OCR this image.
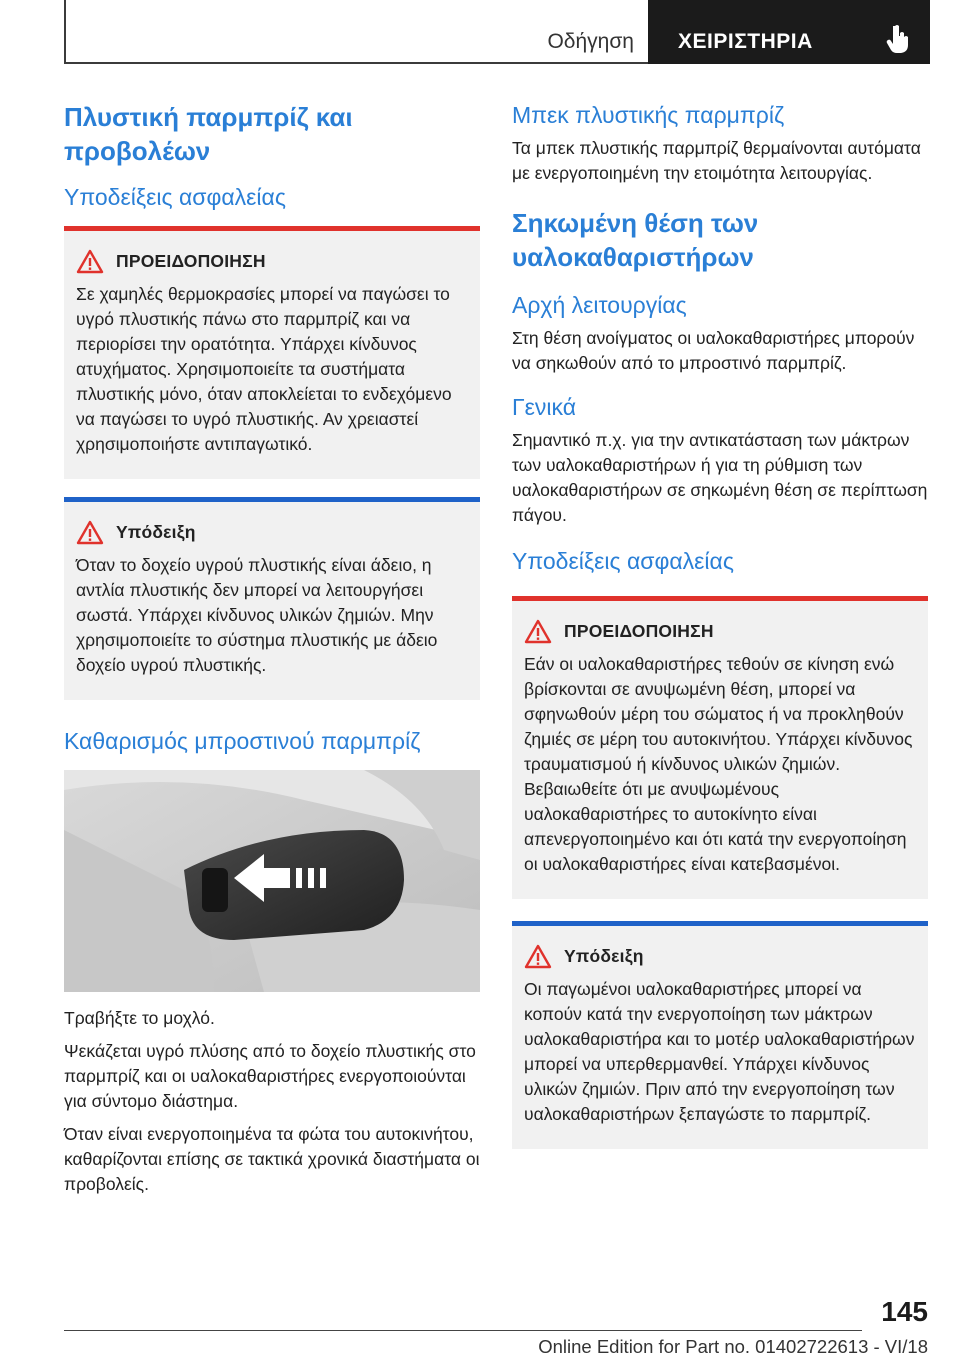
Οδήγηση ΧΕΙΡΙΣΤΗΡΙΑ
Πλυστική παρμπρίζ και προβολέων
Υποδείξεις ασφαλείας
ΠΡΟΕΙΔΟΠΟΙΗΣΗ

Σε χαμηλές θερμοκρασίες μπορεί να παγώσει το υγρό πλυστικής πάνω στο παρμπρίζ και να περιορίσει την ορατότητα. Υπάρχει κίνδυνος ατυχήματος. Χρησιμοποιείτε τα συστήματα πλυστικής μόνο, όταν αποκλείεται το ενδεχόμενο να παγώσει το υγρό πλυστικής. Αν χρειαστεί χρησιμοποιήστε αντιπαγωτικό.

Υπόδειξη

Όταν το δοχείο υγρού πλυστικής είναι άδειο, η αντλία πλυστικής δεν μπορεί να λειτουργήσει σωστά. Υπάρχει κίνδυνος υλικών ζημιών. Μην χρησιμοποιείτε το σύστημα πλυστικής με άδειο δοχείο υγρού πλυστικής.

Καθαρισμός μπροστινού παρμπρίζ

Τραβήξτε το μοχλό.

Ψεκάζεται υγρό πλύσης από το δοχείο πλυστικής στο παρμπρίζ και οι υαλοκαθαριστήρες ενεργοποιούνται για σύντομο διάστημα.

Όταν είναι ενεργοποιημένα τα φώτα του αυτοκινήτου, καθαρίζονται επίσης σε τακτικά χρονικά διαστήματα οι προβολείς.

Μπεκ πλυστικής παρμπρίζ

Τα μπεκ πλυστικής παρμπρίζ θερμαίνονται αυτόματα με ενεργοποιημένη την ετοιμότητα λειτουργίας.

Σηκωμένη θέση των υαλοκαθαριστήρων
Αρχή λειτουργίας

Στη θέση ανοίγματος οι υαλοκαθαριστήρες μπορούν να σηκωθούν από το μπροστινό παρμπρίζ.

Γενικά

Σημαντικό π.χ. για την αντικατάσταση των μάκτρων των υαλοκαθαριστήρων ή για τη ρύθμιση των υαλοκαθαριστήρων σε σηκωμένη θέση σε περίπτωση πάγου.

Υποδείξεις ασφαλείας
ΠΡΟΕΙΔΟΠΟΙΗΣΗ

Εάν οι υαλοκαθαριστήρες τεθούν σε κίνηση ενώ βρίσκονται σε ανυψωμένη θέση, μπορεί να σφηνωθούν μέρη του σώματος ή να προκληθούν ζημιές σε μέρη του αυτοκινήτου. Υπάρχει κίνδυνος τραυματισμού ή κίνδυνος υλικών ζημιών. Βεβαιωθείτε ότι με ανυψωμένους υαλοκαθαριστήρες το αυτοκίνητο είναι απενεργοποιημένο και ότι κατά την ενεργοποίηση οι υαλοκαθαριστήρες είναι κατεβασμένοι.

Υπόδειξη

Οι παγωμένοι υαλοκαθαριστήρες μπορεί να κοπούν κατά την ενεργοποίηση των μάκτρων υαλοκαθαριστήρα και το μοτέρ υαλοκαθαριστήρων μπορεί να υπερθερμανθεί. Υπάρχει κίνδυνος υλικών ζημιών. Πριν από την ενεργοποίηση των υαλοκαθαριστήρων ξεπαγώστε το παρμπρίζ.

145
Online Edition for Part no. 01402722613 - VI/18
